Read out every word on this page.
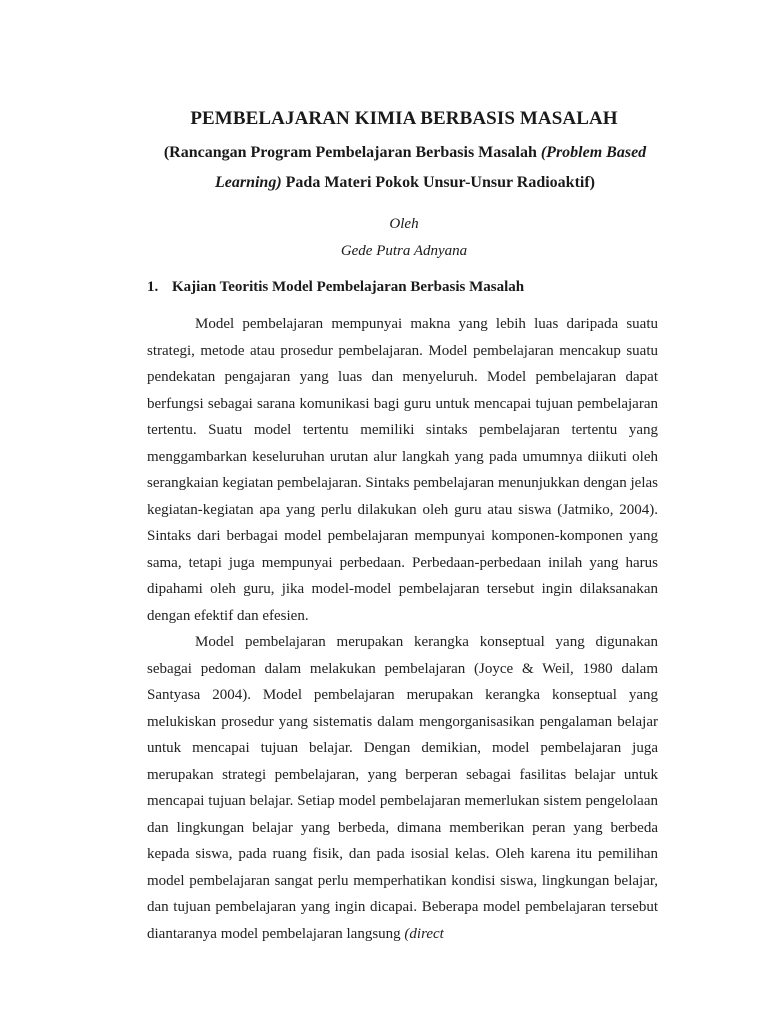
PEMBELAJARAN KIMIA BERBASIS MASALAH

(Rancangan Program Pembelajaran Berbasis Masalah (Problem Based Learning) Pada Materi Pokok Unsur-Unsur Radioaktif)

Oleh

Gede Putra Adnyana

1. Kajian Teoritis Model Pembelajaran Berbasis Masalah

Model pembelajaran mempunyai makna yang lebih luas daripada suatu strategi, metode atau prosedur pembelajaran. Model pembelajaran mencakup suatu pendekatan pengajaran yang luas dan menyeluruh. Model pembelajaran dapat berfungsi sebagai sarana komunikasi bagi guru untuk mencapai tujuan pembelajaran tertentu. Suatu model tertentu memiliki sintaks pembelajaran tertentu yang menggambarkan keseluruhan urutan alur langkah yang pada umumnya diikuti oleh serangkaian kegiatan pembelajaran. Sintaks pembelajaran menunjukkan dengan jelas kegiatan-kegiatan apa yang perlu dilakukan oleh guru atau siswa (Jatmiko, 2004). Sintaks dari berbagai model pembelajaran mempunyai komponen-komponen yang sama, tetapi juga mempunyai perbedaan. Perbedaan-perbedaan inilah yang harus dipahami oleh guru, jika model-model pembelajaran tersebut ingin dilaksanakan dengan efektif dan efesien.

Model pembelajaran merupakan kerangka konseptual yang digunakan sebagai pedoman dalam melakukan pembelajaran (Joyce & Weil, 1980 dalam Santyasa 2004). Model pembelajaran merupakan kerangka konseptual yang melukiskan prosedur yang sistematis dalam mengorganisasikan pengalaman belajar untuk mencapai tujuan belajar. Dengan demikian, model pembelajaran juga merupakan strategi pembelajaran, yang berperan sebagai fasilitas belajar untuk mencapai tujuan belajar. Setiap model pembelajaran memerlukan sistem pengelolaan dan lingkungan belajar yang berbeda, dimana memberikan peran yang berbeda kepada siswa, pada ruang fisik, dan pada isosial kelas. Oleh karena itu pemilihan model pembelajaran sangat perlu memperhatikan kondisi siswa, lingkungan belajar, dan tujuan pembelajaran yang ingin dicapai. Beberapa model pembelajaran tersebut diantaranya model pembelajaran langsung (direct
